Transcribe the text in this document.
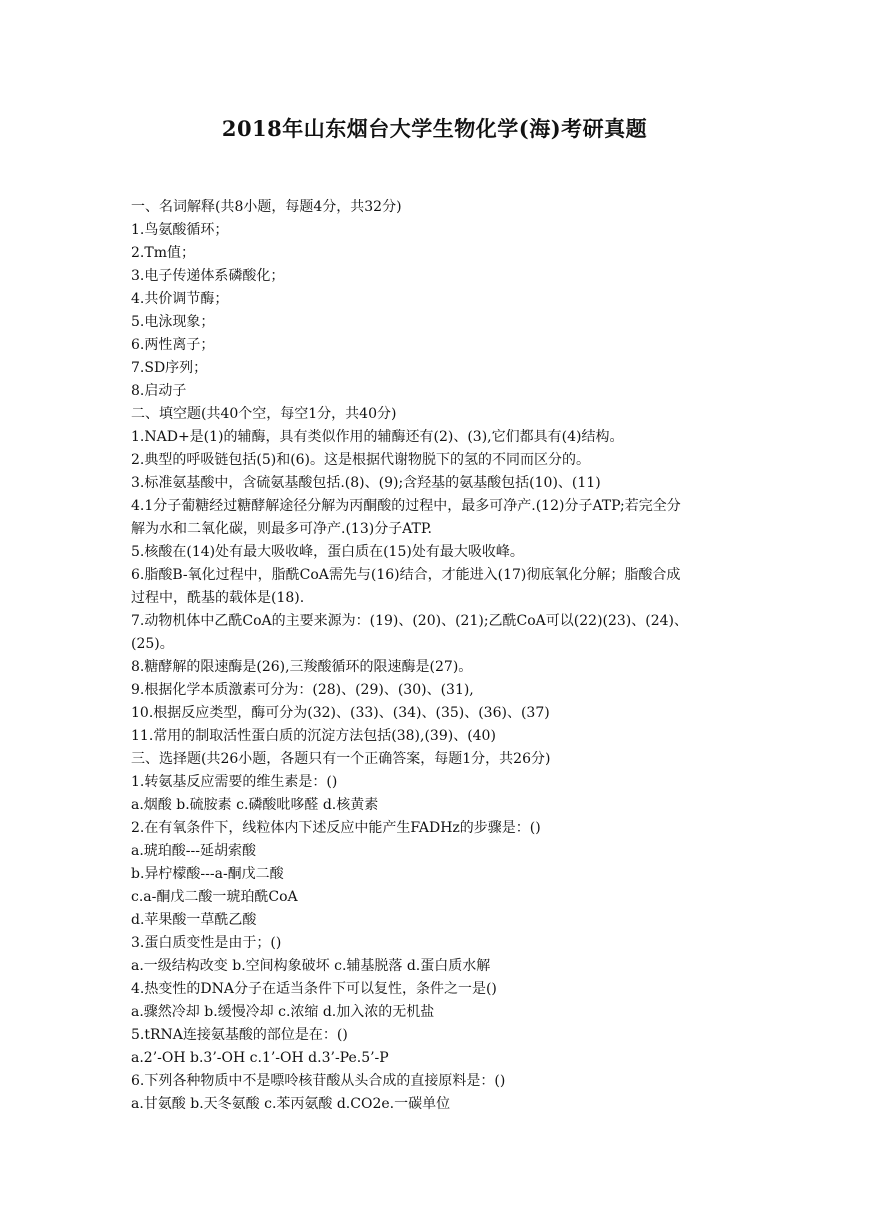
2018年山东烟台大学生物化学(海)考研真题

一、名词解释(共8小题，每题4分，共32分)

1.鸟氨酸循环；

2.Tm值；

3.电子传递体系磷酸化；

4.共价调节酶；

5.电泳现象；

6.两性离子；

7.SD序列；

8.启动子

二、填空题(共40个空，每空1分，共40分)

1.NAD+是(1)的辅酶，具有类似作用的辅酶还有(2)、(3),它们都具有(4)结构。

2.典型的呼吸链包括(5)和(6)。这是根据代谢物脱下的氢的不同而区分的。

3.标准氨基酸中，含硫氨基酸包括.(8)、(9);含羟基的氨基酸包括(10)、(11)

4.1分子葡糖经过糖酵解途径分解为丙酮酸的过程中，最多可净产.(12)分子ATP;若完全分

解为水和二氧化碳，则最多可净产.(13)分子ATP.

5.核酸在(14)处有最大吸收峰，蛋白质在(15)处有最大吸收峰。

6.脂酸B-氧化过程中，脂酰CoA需先与(16)结合，才能进入(17)彻底氧化分解；脂酸合成

过程中，酰基的载体是(18).

7.动物机体中乙酰CoA的主要来源为：(19)、(20)、(21);乙酰CoA可以(22)(23)、(24)、

(25)。

8.糖酵解的限速酶是(26),三羧酸循环的限速酶是(27)。

9.根据化学本质激素可分为：(28)、(29)、(30)、(31),

10.根据反应类型，酶可分为(32)、(33)、(34)、(35)、(36)、(37)

11.常用的制取活性蛋白质的沉淀方法包括(38),(39)、(40)

三、选择题(共26小题，各题只有一个正确答案，每题1分，共26分)

1.转氨基反应需要的维生素是：()

a.烟酸 b.硫胺素 c.磷酸吡哆醛 d.核黄素

2.在有氧条件下，线粒体内下述反应中能产生FADHz的步骤是：()

a.琥珀酸---延胡索酸

b.异柠檬酸---a-酮戊二酸

c.a-酮戊二酸一琥珀酰CoA

d.苹果酸一草酰乙酸

3.蛋白质变性是由于；()

a.一级结构改变 b.空间构象破坏 c.辅基脱落 d.蛋白质水解

4.热变性的DNA分子在适当条件下可以复性，条件之一是()

a.骤然冷却 b.缓慢冷却 c.浓缩 d.加入浓的无机盐

5.tRNA连接氨基酸的部位是在：()

a.2’-OH b.3’-OH c.1’-OH d.3’-Pe.5’-P

6.下列各种物质中不是嘌呤核苷酸从头合成的直接原料是：()

a.甘氨酸 b.天冬氨酸 c.苯丙氨酸 d.CO2e.一碳单位
